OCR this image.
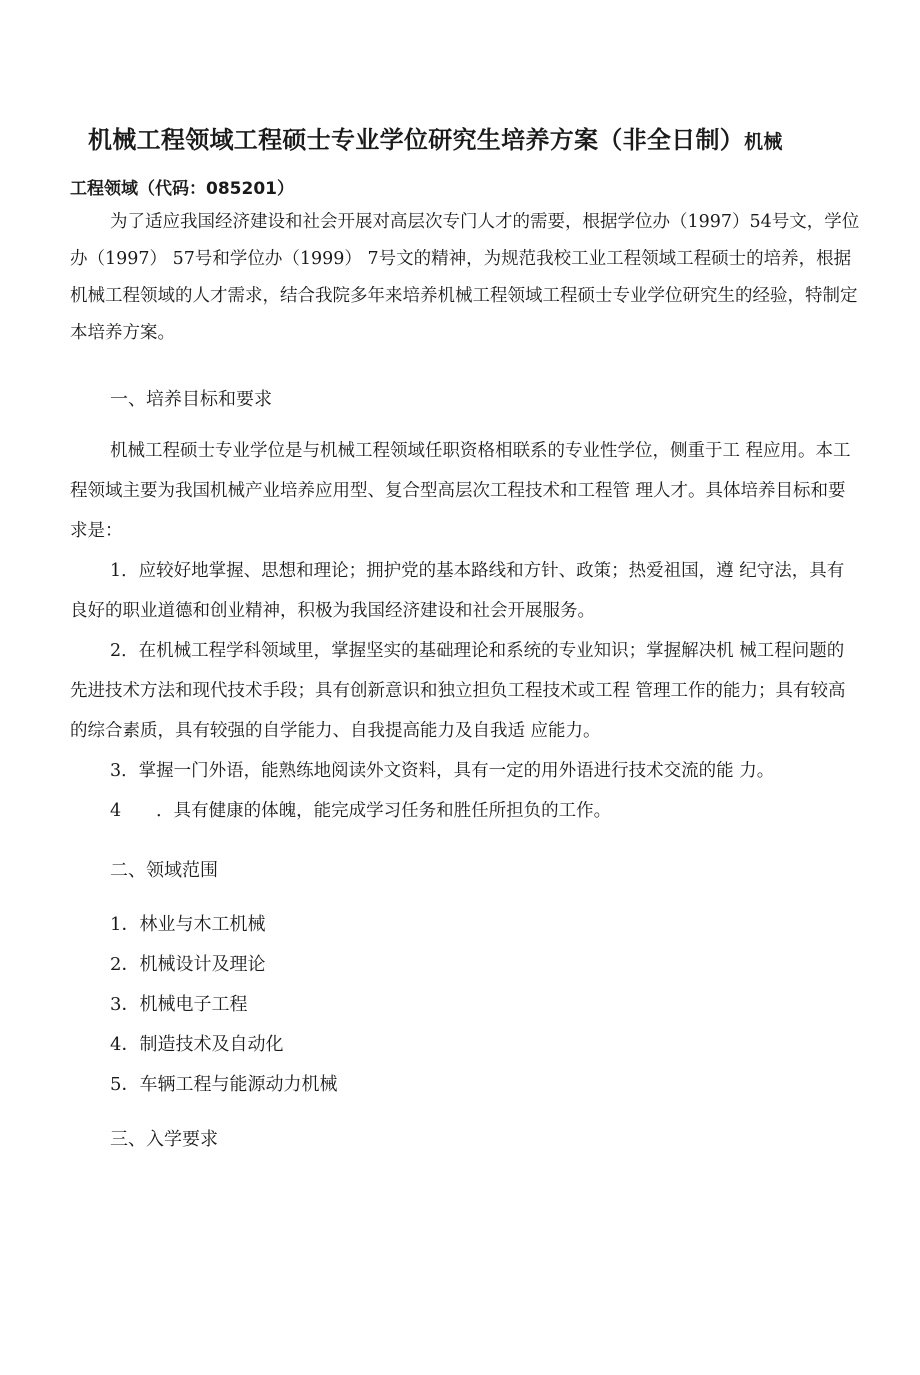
机械工程领域工程硕士专业学位研究生培养方案（非全日制）机械
工程领域（代码：085201）

为了适应我国经济建设和社会开展对高层次专门人才的需要，根据学位办（1997）54号文，学位办（1997） 57号和学位办（1999） 7号文的精神，为规范我校工业工程领域工程硕士的培养，根据机械工程领域的人才需求，结合我院多年来培养机械工程领域工程硕士专业学位研究生的经验，特制定本培养方案。

一、培养目标和要求

机械工程硕士专业学位是与机械工程领域任职资格相联系的专业性学位，侧重于工 程应用。本工程领域主要为我国机械产业培养应用型、复合型高层次工程技术和工程管 理人才。具体培养目标和要求是：

1．应较好地掌握、思想和理论；拥护党的基本路线和方针、政策；热爱祖国，遵 纪守法，具有良好的职业道德和创业精神，积极为我国经济建设和社会开展服务。

2．在机械工程学科领域里，掌握坚实的基础理论和系统的专业知识；掌握解决机 械工程问题的先进技术方法和现代技术手段；具有创新意识和独立担负工程技术或工程 管理工作的能力；具有较高的综合素质，具有较强的自学能力、自我提高能力及自我适 应能力。

3．掌握一门外语，能熟练地阅读外文资料，具有一定的用外语进行技术交流的能 力。

4　　．具有健康的体魄，能完成学习任务和胜任所担负的工作。

二、领域范围
1．林业与木工机械
2．机械设计及理论
3．机械电子工程
4．制造技术及自动化
5．车辆工程与能源动力机械
三、入学要求
